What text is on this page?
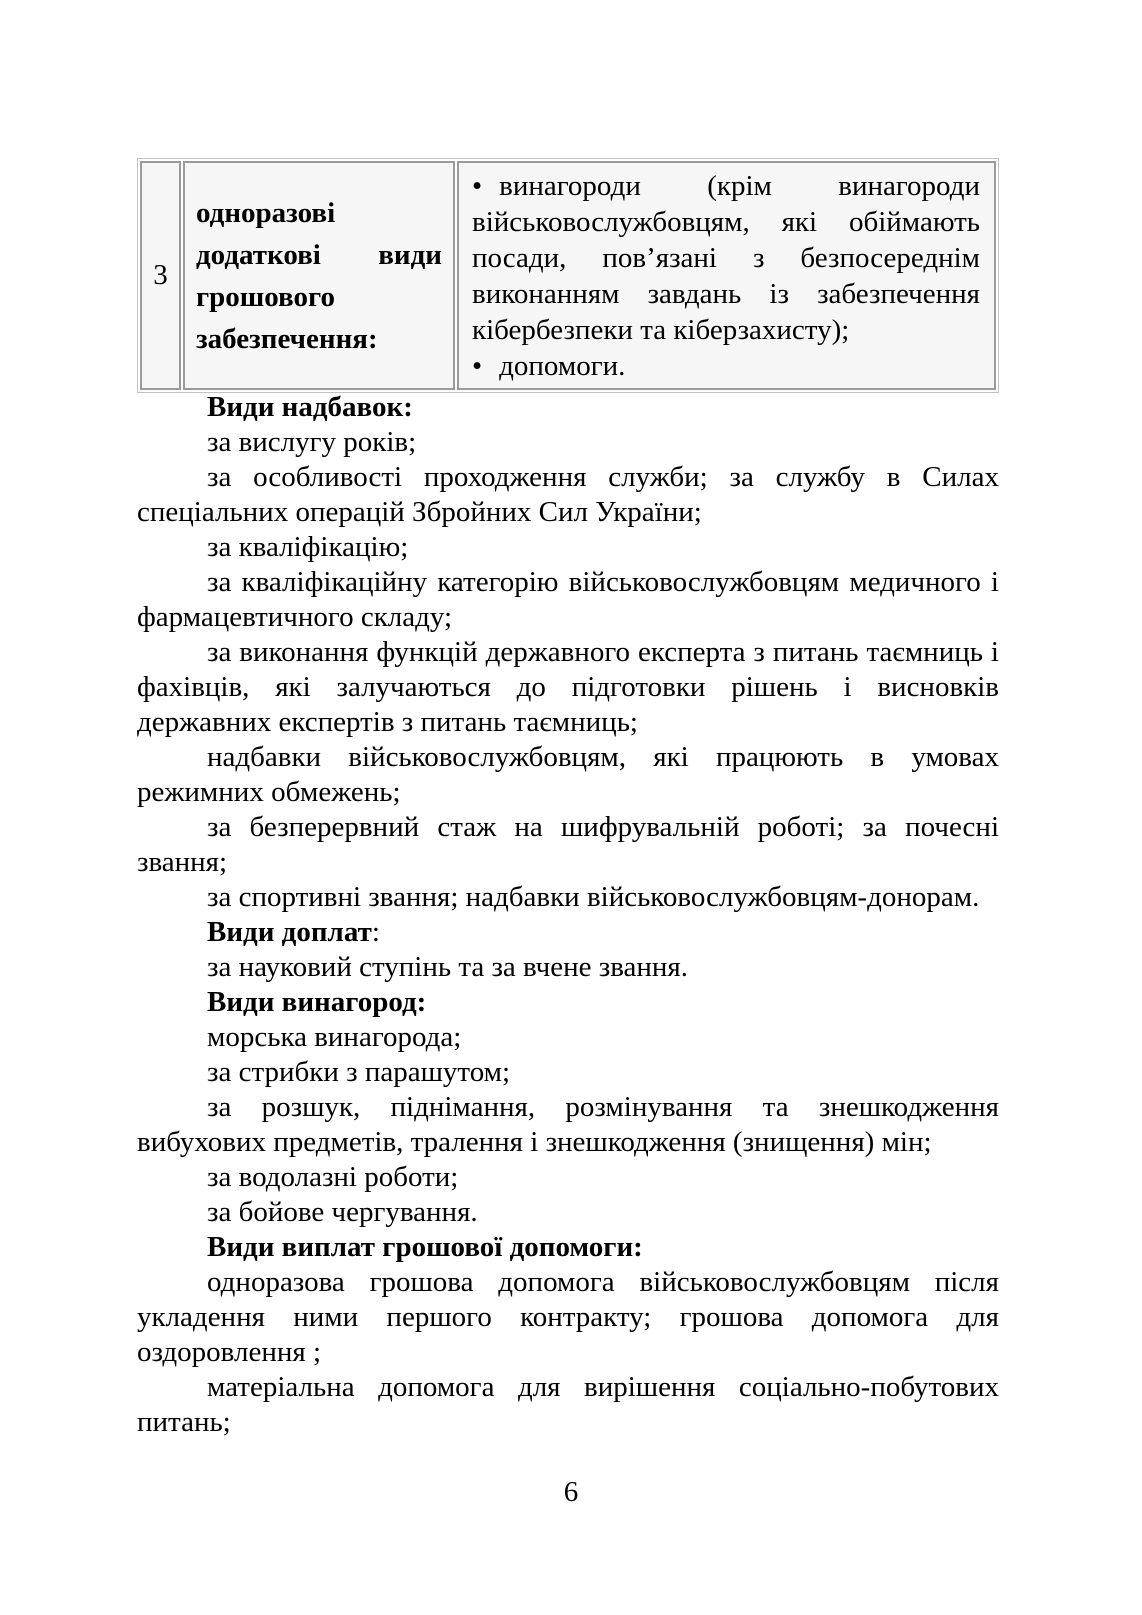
3	одноразові додаткові види грошового забезпечення:	

• винагороди (крім винагороди військовослужбовцям, які обіймають посади, пов’язані з безпосереднім виконанням завдань із забезпечення кібербезпеки та кіберзахисту);

• допомоги.

Види надбавок:

за вислугу років;

за особливості проходження служби; за службу в Силах спеціальних операцій Збройних Сил України;

за кваліфікацію;

за кваліфікаційну категорію військовослужбовцям медичного і фармацевтичного складу;

за виконання функцій державного експерта з питань таємниць і фахівців, які залучаються до підготовки рішень і висновків державних експертів з питань таємниць;

надбавки військовослужбовцям, які працюють в умовах режимних обмежень;

за безперервний стаж на шифрувальній роботі; за почесні звання;

за спортивні звання; надбавки військовослужбовцям-донорам.

Види доплат:

за науковий ступінь та за вчене звання.

Види винагород:

морська винагорода;

за стрибки з парашутом;

за розшук, піднімання, розмінування та знешкодження вибухових предметів, тралення і знешкодження (знищення) мін;

за водолазні роботи;

за бойове чергування.

Види виплат грошової допомоги:

одноразова грошова допомога військовослужбовцям після укладення ними першого контракту; грошова допомога для оздоровлення ;

матеріальна допомога для вирішення соціально-побутових питань;

6
